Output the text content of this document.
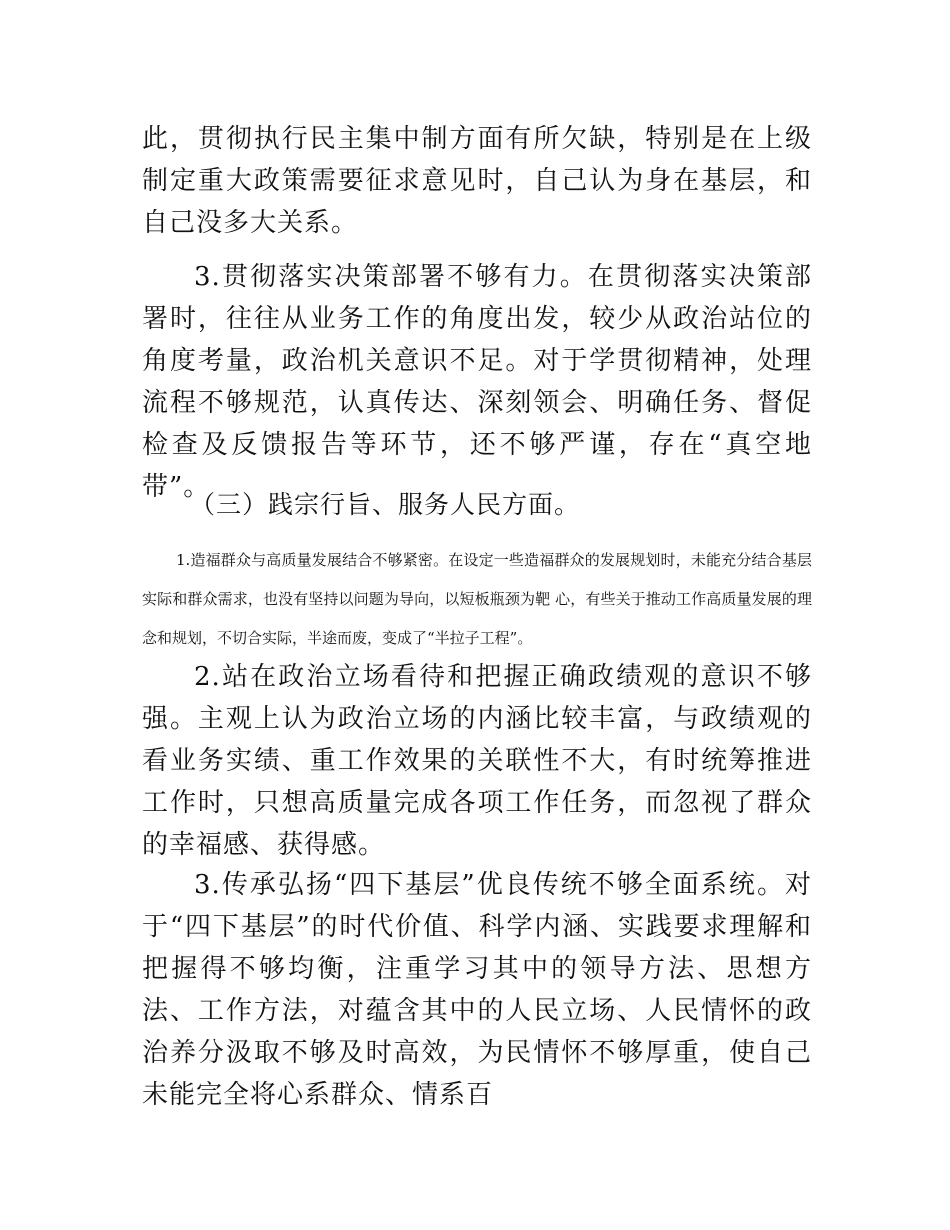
此，贯彻执行民主集中制方面有所欠缺，特别是在上级制定重大政策需要征求意见时，自己认为身在基层，和自己没多大关系。

3.贯彻落实决策部署不够有力。在贯彻落实决策部署时，往往从业务工作的角度出发，较少从政治站位的角度考量，政治机关意识不足。对于学贯彻精神，处理流程不够规范，认真传达、深刻领会、明确任务、督促检查及反馈报告等环节，还不够严谨，存在“真空地带”。

（三）践宗行旨、服务人民方面。

1.造福群众与高质量发展结合不够紧密。在设定一些造福群众的发展规划时，未能充分结合基层实际和群众需求，也没有坚持以问题为导向，以短板瓶颈为靶 心，有些关于推动工作高质量发展的理念和规划，不切合实际，半途而废，变成了“半拉子工程”。

2.站在政治立场看待和把握正确政绩观的意识不够强。主观上认为政治立场的内涵比较丰富，与政绩观的看业务实绩、重工作效果的关联性不大，有时统筹推进工作时，只想高质量完成各项工作任务，而忽视了群众的幸福感、获得感。

3.传承弘扬“四下基层”优良传统不够全面系统。对于“四下基层”的时代价值、科学内涵、实践要求理解和把握得不够均衡，注重学习其中的领导方法、思想方法、工作方法，对蕴含其中的人民立场、人民情怀的政治养分汲取不够及时高效，为民情怀不够厚重，使自己未能完全将心系群众、情系百
